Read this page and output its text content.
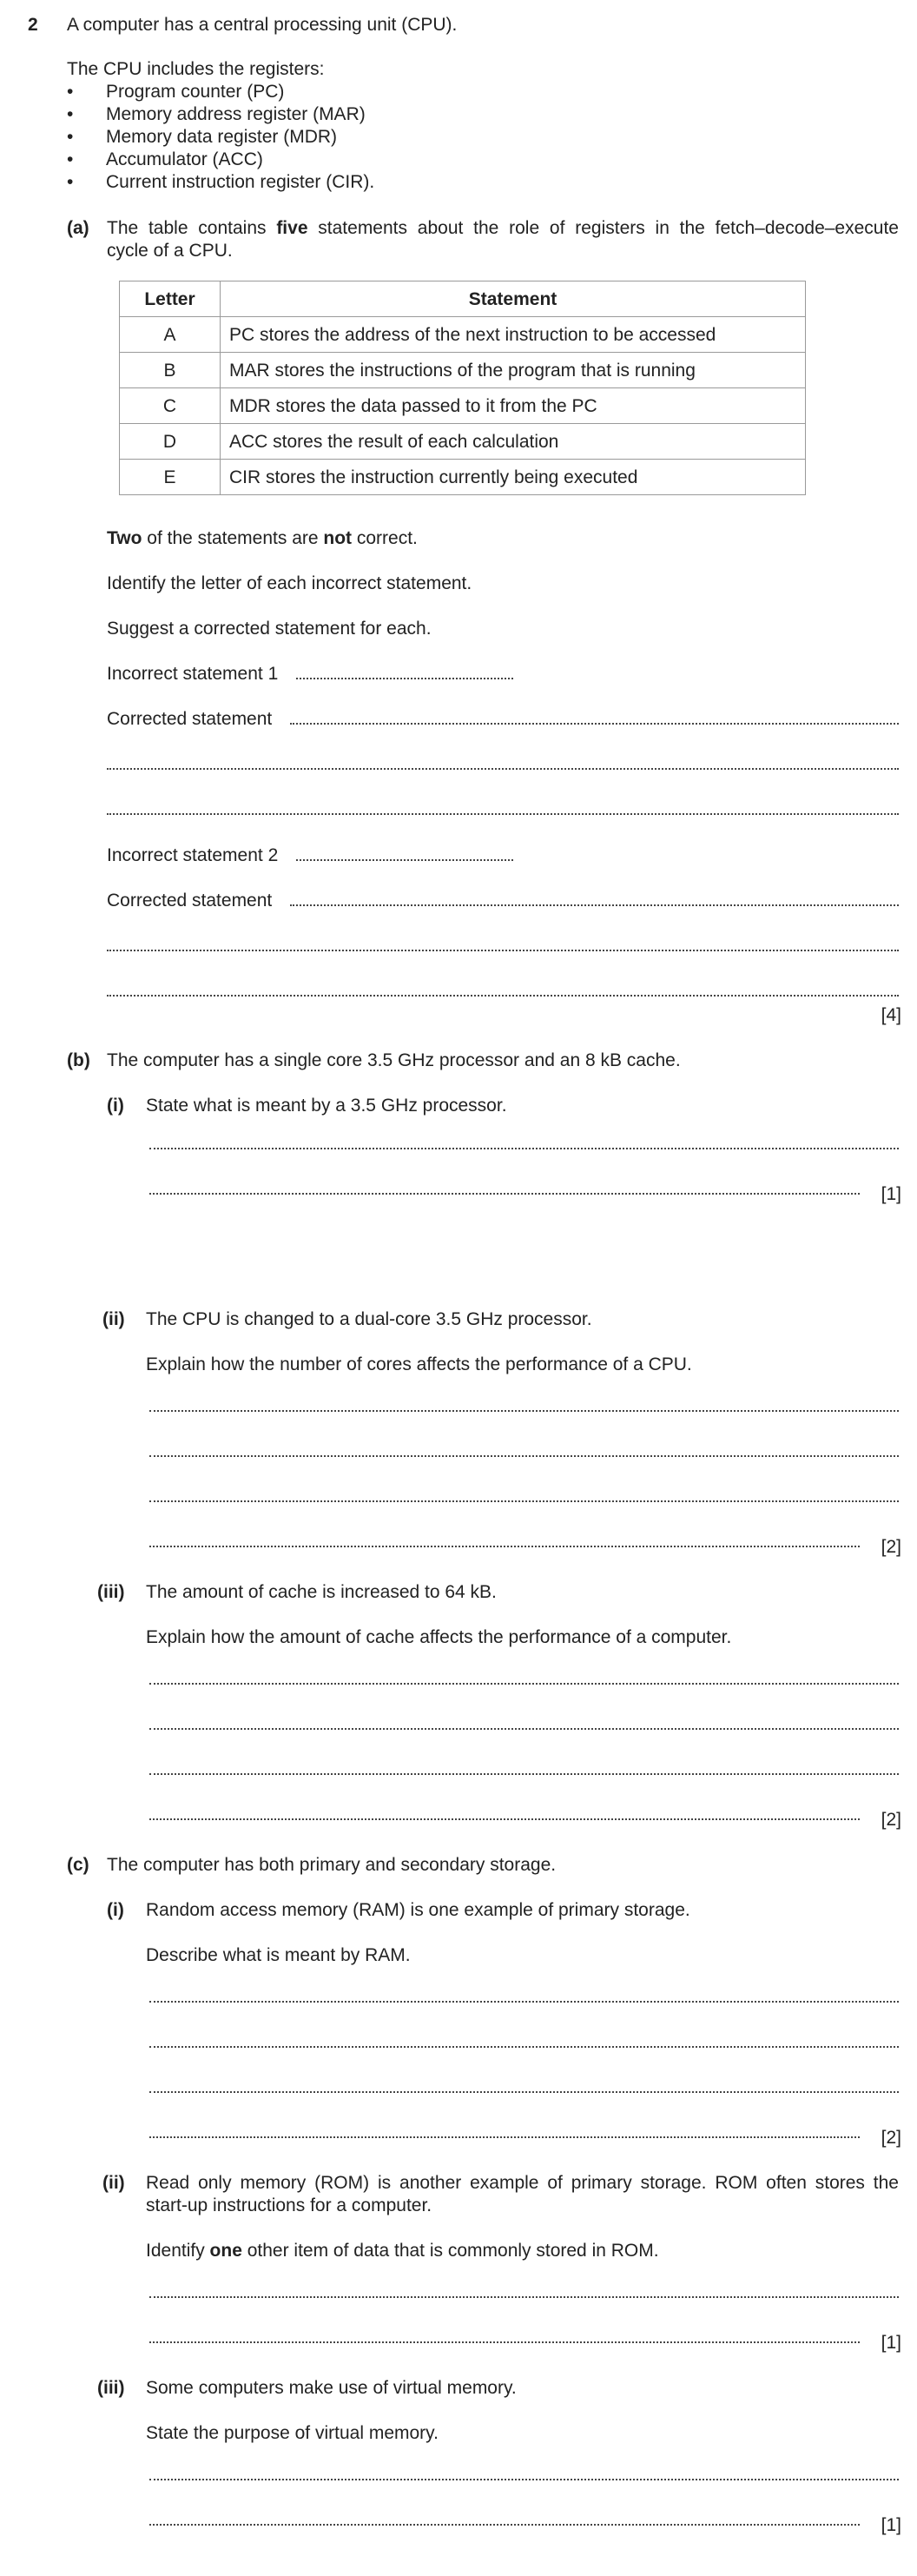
2 A computer has a central processing unit (CPU).
The CPU includes the registers:
• Program counter (PC)
• Memory address register (MAR)
• Memory data register (MDR)
• Accumulator (ACC)
• Current instruction register (CIR).
(a) The table contains five statements about the role of registers in the fetch–decode–execute
cycle of a CPU.
Letter	Statement
A	PC stores the address of the next instruction to be accessed
B	MAR stores the instructions of the program that is running
C	MDR stores the data passed to it from the PC
D	ACC stores the result of each calculation
E	CIR stores the instruction currently being executed
Two of the statements are not correct.
Identify the letter of each incorrect statement.
Suggest a corrected statement for each.
Incorrect statement 1
Corrected statement
Incorrect statement 2
Corrected statement
[4]
(b) The computer has a single core 3.5 GHz processor and an 8 kB cache.
(i) State what is meant by a 3.5 GHz processor.
[1]
(ii) The CPU is changed to a dual-core 3.5 GHz processor.
Explain how the number of cores affects the performance of a CPU.
[2]
(iii) The amount of cache is increased to 64 kB.
Explain how the amount of cache affects the performance of a computer.
[2]
(c) The computer has both primary and secondary storage.
(i) Random access memory (RAM) is one example of primary storage.
Describe what is meant by RAM.
[2]
(ii) Read only memory (ROM) is another example of primary storage. ROM often stores the
start-up instructions for a computer.
Identify one other item of data that is commonly stored in ROM.
[1]
(iii) Some computers make use of virtual memory.
State the purpose of virtual memory.
[1]
